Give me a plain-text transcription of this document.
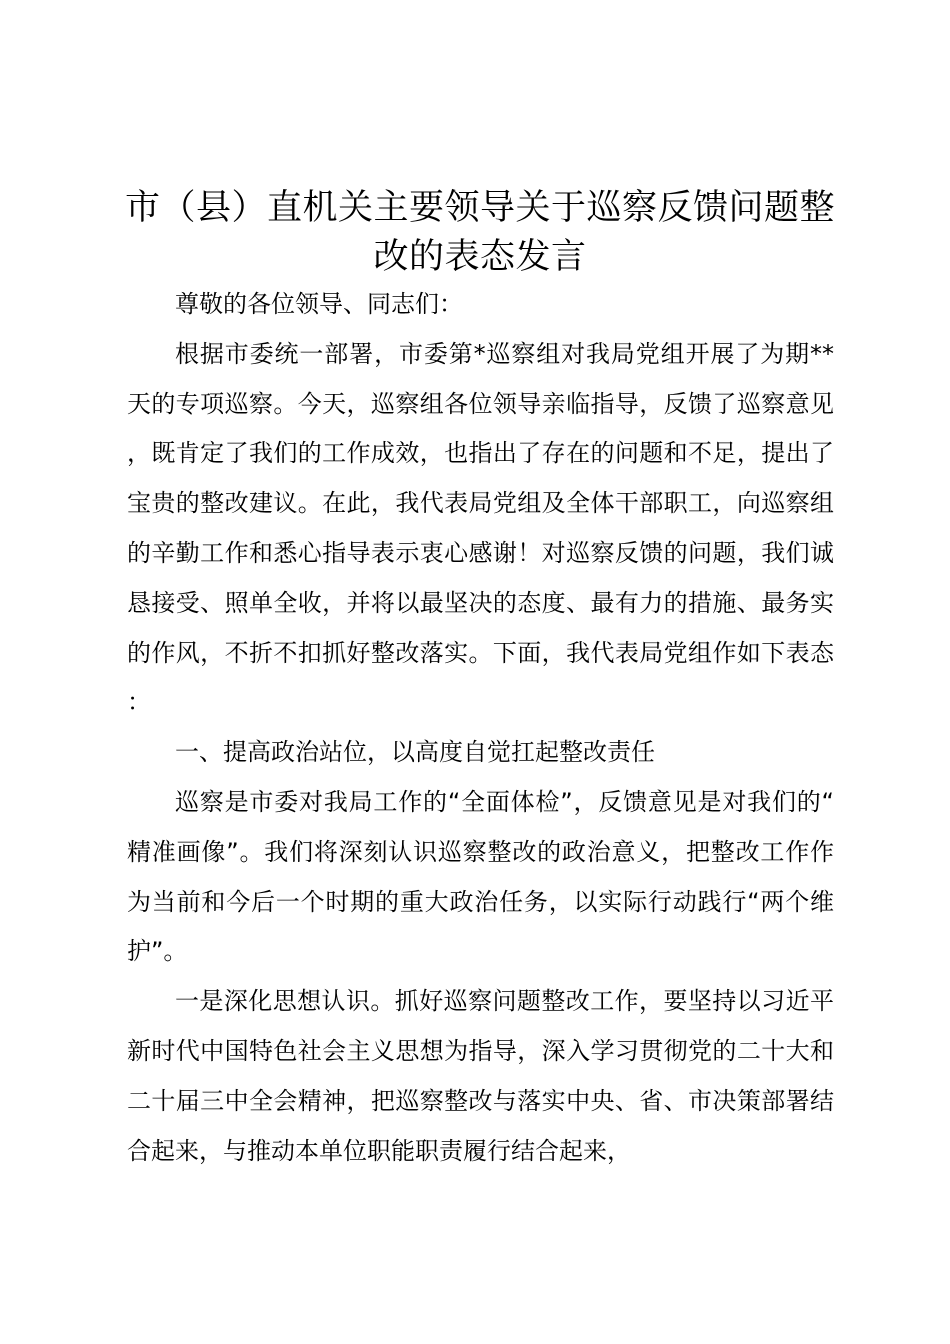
市（县）直机关主要领导关于巡察反馈问题整改的表态发言

尊敬的各位领导、同志们：

根据市委统一部署，市委第*巡察组对我局党组开展了为期**天的专项巡察。今天，巡察组各位领导亲临指导，反馈了巡察意见，既肯定了我们的工作成效，也指出了存在的问题和不足，提出了宝贵的整改建议。在此，我代表局党组及全体干部职工，向巡察组的辛勤工作和悉心指导表示衷心感谢！对巡察反馈的问题，我们诚恳接受、照单全收，并将以最坚决的态度、最有力的措施、最务实的作风，不折不扣抓好整改落实。下面，我代表局党组作如下表态：

一、提高政治站位，以高度自觉扛起整改责任

巡察是市委对我局工作的“全面体检”，反馈意见是对我们的“精准画像”。我们将深刻认识巡察整改的政治意义，把整改工作作为当前和今后一个时期的重大政治任务，以实际行动践行“两个维护”。

一是深化思想认识。抓好巡察问题整改工作，要坚持以习近平新时代中国特色社会主义思想为指导，深入学习贯彻党的二十大和二十届三中全会精神，把巡察整改与落实中央、省、市决策部署结合起来，与推动本单位职能职责履行结合起来，
